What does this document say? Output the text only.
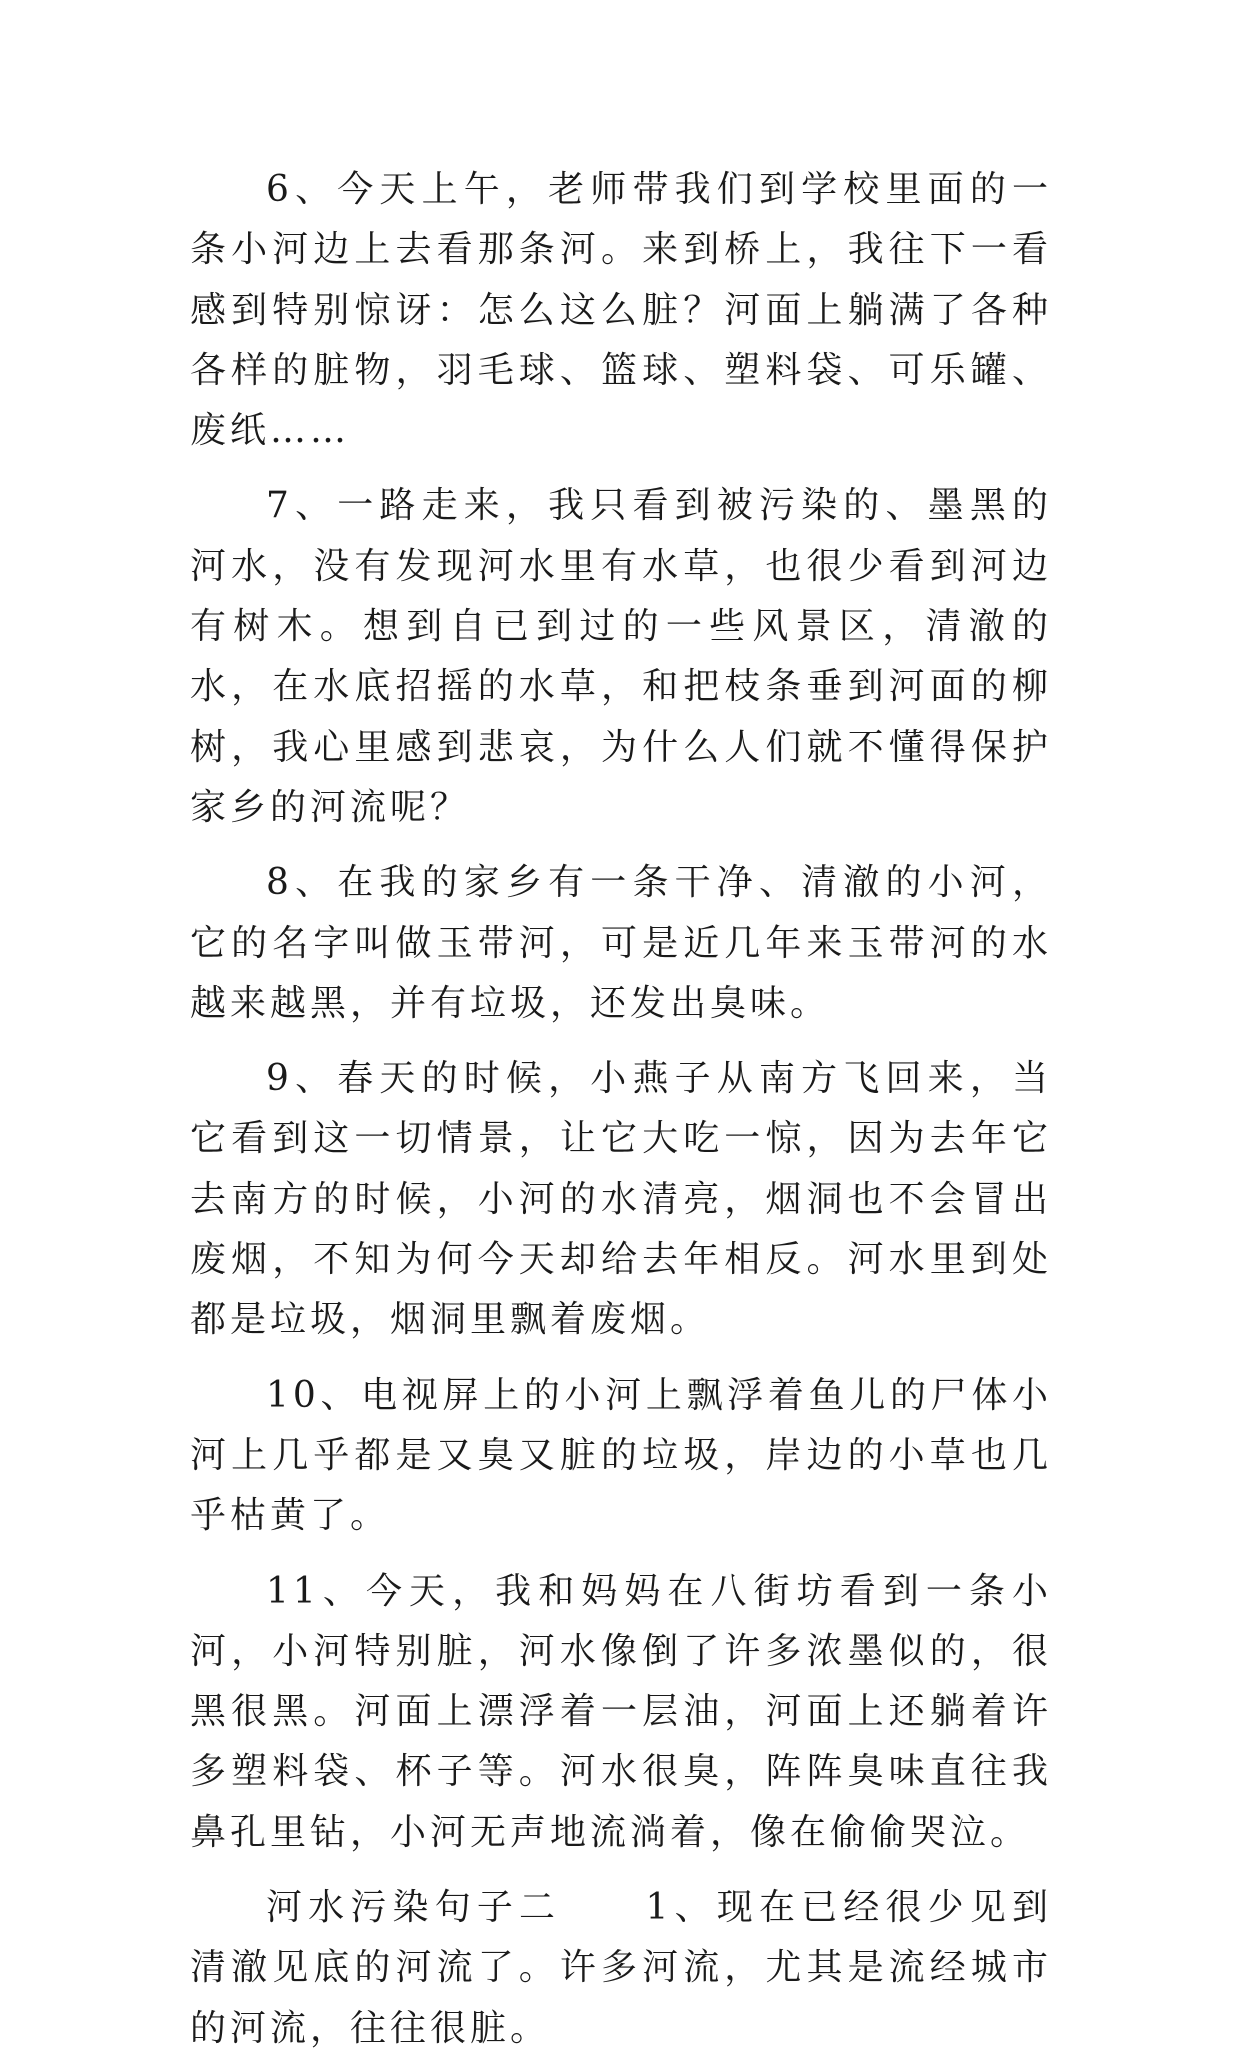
6、今天上午，老师带我们到学校里面的一条小河边上去看那条河。来到桥上，我往下一看感到特别惊讶：怎么这么脏？河面上躺满了各种各样的脏物，羽毛球、篮球、塑料袋、可乐罐、废纸……

7、一路走来，我只看到被污染的、墨黑的河水，没有发现河水里有水草，也很少看到河边有树木。想到自已到过的一些风景区，清澈的水，在水底招摇的水草，和把枝条垂到河面的柳树，我心里感到悲哀，为什么人们就不懂得保护家乡的河流呢？

8、在我的家乡有一条干净、清澈的小河，它的名字叫做玉带河，可是近几年来玉带河的水越来越黑，并有垃圾，还发出臭味。

9、春天的时候，小燕子从南方飞回来，当它看到这一切情景，让它大吃一惊，因为去年它去南方的时候，小河的水清亮，烟洞也不会冒出废烟，不知为何今天却给去年相反。河水里到处都是垃圾，烟洞里飘着废烟。

10、电视屏上的小河上飘浮着鱼儿的尸体小河上几乎都是又臭又脏的垃圾，岸边的小草也几乎枯黄了。

11、今天，我和妈妈在八街坊看到一条小河，小河特别脏，河水像倒了许多浓墨似的，很黑很黑。河面上漂浮着一层油，河面上还躺着许多塑料袋、杯子等。河水很臭，阵阵臭味直往我鼻孔里钻，小河无声地流淌着，像在偷偷哭泣。

河水污染句子二　　1、现在已经很少见到清澈见底的河流了。许多河流，尤其是流经城市的河流，往往很脏。
